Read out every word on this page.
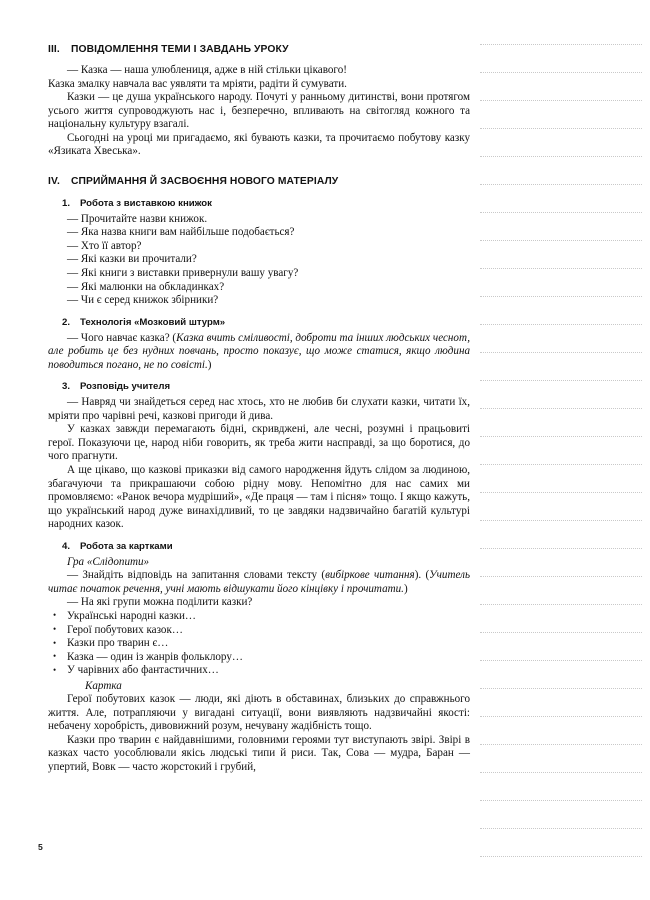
III.	ПОВІДОМЛЕННЯ ТЕМИ І ЗАВДАНЬ УРОКУ

— Казка — наша улюблениця, адже в ній стільки цікавого!

Казка змалку навчала вас уявляти та мріяти, радіти й сумувати.

Казки — це душа українського народу. Почуті у ранньому дитинстві, вони протягом усього життя супроводжують нас і, безперечно, впливають на світогляд кожного та національну культуру взагалі.

Сьогодні на уроці ми пригадаємо, які бувають казки, та прочитаємо побутову казку «Язиката Хвеська».

IV.	СПРИЙМАННЯ Й ЗАСВОЄННЯ НОВОГО МАТЕРІАЛУ
1.	Робота з виставкою книжок

— Прочитайте назви книжок.

— Яка назва книги вам найбільше подобається?

— Хто її автор?

— Які казки ви прочитали?

— Які книги з виставки привернули вашу увагу?

— Які малюнки на обкладинках?

— Чи є серед книжок збірники?

2.	Технологія «Мозковий штурм»

— Чого навчає казка? (Казка вчить сміливості, доброти та інших людських чеснот, але робить це без нудних повчань, просто показує, що може статися, якщо людина поводиться погано, не по совісті.)

3.	Розповідь учителя

— Навряд чи знайдеться серед нас хтось, хто не любив би слухати казки, читати їх, мріяти про чарівні речі, казкові пригоди й дива.

У казках завжди перемагають бідні, скривджені, але чесні, розумні і працьовиті герої. Показуючи це, народ ніби говорить, як треба жити насправді, за що боротися, до чого прагнути.

А ще цікаво, що казкові приказки від самого народження йдуть слідом за людиною, збагачуючи та прикрашаючи собою рідну мову. Непомітно для нас самих ми промовляємо: «Ранок вечора мудріший», «Де праця — там і пісня» тощо. І якщо кажуть, що український народ дуже винахідливий, то це завдяки надзвичайно багатій культурі народних казок.

4.	Робота за картками

Гра «Слідопити»

— Знайдіть відповідь на запитання словами тексту (вибіркове читання). (Учитель читає початок речення, учні мають відшукати його кінцівку і прочитати.)

— На які групи можна поділити казки?

• Українські народні казки…
• Герої побутових казок…
• Казки про тварин є…
• Казка — один із жанрів фольклору…
• У чарівних або фантастичних…

Картка

Герої побутових казок — люди, які діють в обставинах, близьких до справжнього життя. Але, потрапляючи у вигадані ситуації, вони виявляють надзвичайні якості: небачену хоробрість, дивовижний розум, нечувану жадібність тощо.

Казки про тварин є найдавнішими, головними героями тут виступають звірі. Звірі в казках часто уособлювали якісь людські типи й риси. Так, Сова — мудра, Баран — упертий, Вовк — часто жорстокий і грубий,

5
